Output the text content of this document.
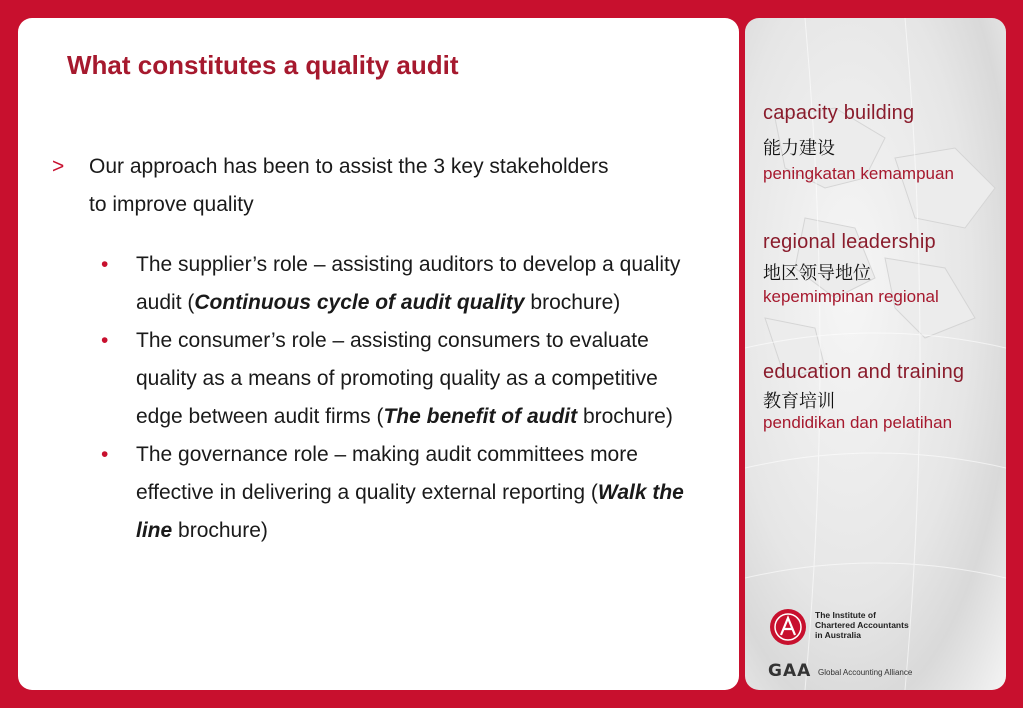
What constitutes a quality audit
> Our approach has been to assist the 3 key stakeholders to improve quality
• The supplier’s role – assisting auditors to develop a quality audit (Continuous cycle of audit quality brochure)
• The consumer’s role – assisting consumers to evaluate quality as a means of promoting quality as a competitive edge between audit firms (The benefit of audit brochure)
• The governance role – making audit committees more effective in delivering a quality external reporting (Walk the line brochure)
capacity building
能力建设
peningkatan kemampuan
regional leadership
地区领导地位
kepemimpinan regional
education and training
教育培训
pendidikan dan pelatihan
The Institute of
Chartered Accountants
in Australia
GAA Global Accounting Alliance
